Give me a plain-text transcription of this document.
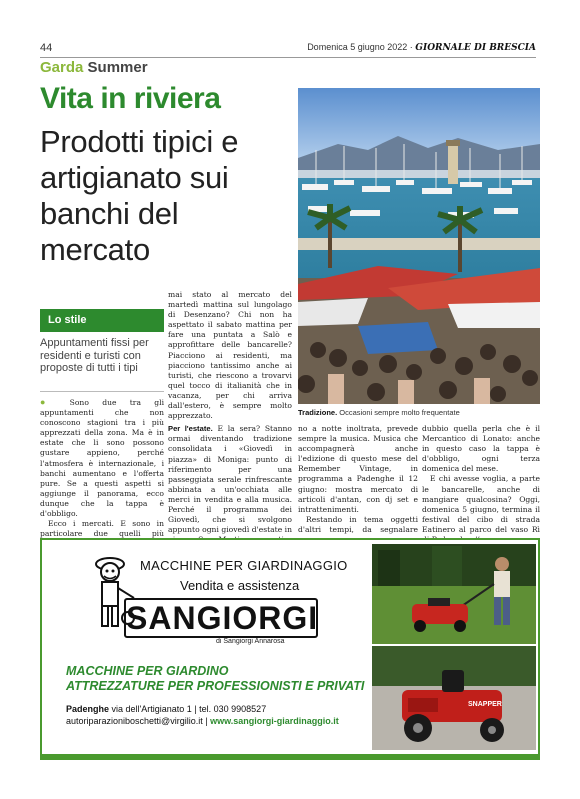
44	Domenica 5 giugno 2022 · GIORNALE DI BRESCIA
Garda Summer
Vita in riviera
Prodotti tipici e artigianato sui banchi del mercato
Tradizione. Occasioni sempre molto frequentate
Lo stile
Appuntamenti fissi per residenti e turisti con proposte di tutti i tipi

● Sono due tra gli appuntamenti che non conoscono stagioni tra i più apprezzati della zona. Ma è in estate che li sono possono gustare appieno, perché l'atmosfera è internazionale, i banchi aumentano e l'offerta pure. Se a questi aspetti si aggiunge il panorama, ecco dunque che la tappa è d'obbligo.

Ecco i mercati. E sono in particolare due quelli più

mai stato al mercato del martedì mattina sul lungolago di Desenzano? Chi non ha aspettato il sabato mattina per fare una puntata a Salò e approfittare delle bancarelle? Piacciono ai residenti, ma piacciono tantissimo anche ai turisti, che riescono a trovarvi quel tocco di italianità che in vacanza, per chi arriva dall'estero, è sempre molto apprezzato.

Per l'estate. E la sera? Stanno ormai diventando tradizione consolidata i «Giovedì in piazza» di Moniga: punto di riferimento per una passeggiata serale rinfrescante abbinata a un'occhiata alle merci in vendita e alla musica. Perché il programma dei Giovedì, che si svolgono appunto ogni giovedì d'estate in

no a notte inoltrata, prevede sempre la musica. Musica che accompagnerà anche l'edizione di questo mese del Remember Vintage, in programma a Padenghe il 12 giugno: mostra mercato di articoli d'antan, con dj set e intrattenimenti.

Restando in tema oggetti d'altri tempi, da segnalare

dubbio quella perla che è il Mercantico di Lonato: anche in questo caso la tappa è d'obbligo, ogni terza domenica del mese.

E chi avesse voglia, a parte le bancarelle, anche di mangiare qualcosina? Oggi, domenica 5 giugno, termina il festival del cibo di strada Eatinero al parco del vaso Rì

MACCHINE PER GIARDINAGGIO
Vendita e assistenza
SANGIORGI
di Sangiorgi Annarosa
MACCHINE PER GIARDINO
ATTREZZATURE PER PROFESSIONISTI E PRIVATI
Padenghe via dell'Artigianato 1 | tel. 030 9908527
autoriparazioniboschetti@virgilio.it | www.sangiorgi-giardinaggio.it
SNAPPER
